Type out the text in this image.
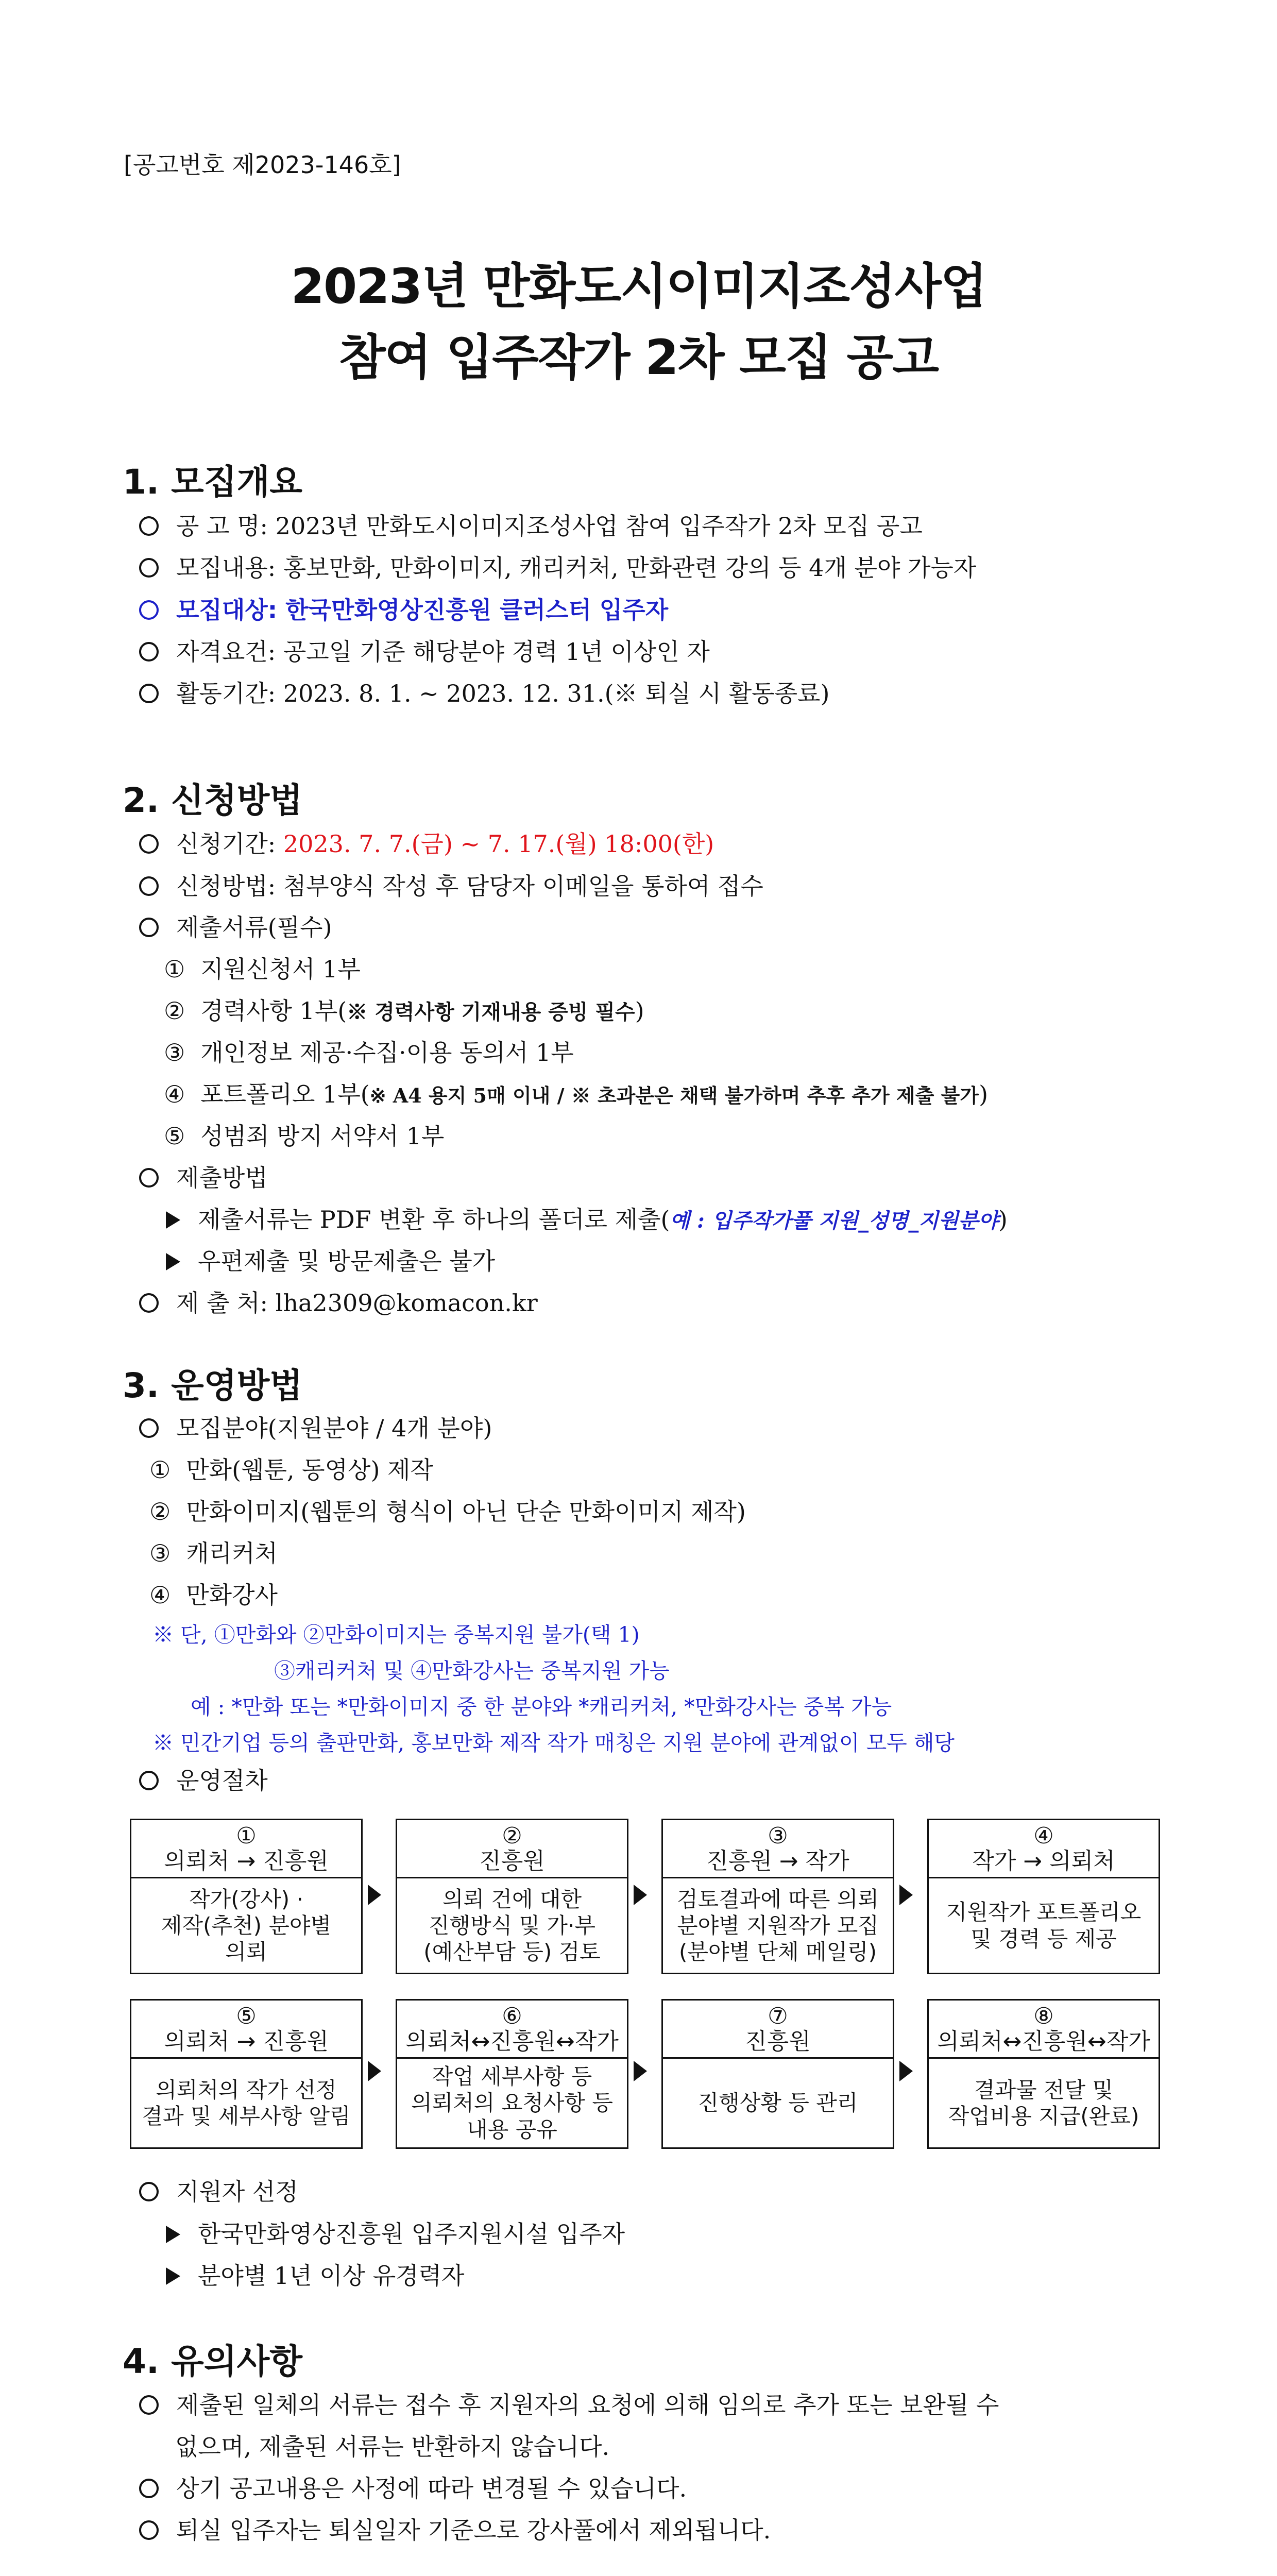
[공고번호 제2023-146호]
2023년 만화도시이미지조성사업
참여 입주작가 2차 모집 공고
1. 모집개요
공 고 명: 2023년 만화도시이미지조성사업 참여 입주작가 2차 모집 공고
모집내용: 홍보만화, 만화이미지, 캐리커처, 만화관련 강의 등 4개 분야 가능자
모집대상: 한국만화영상진흥원 클러스터 입주자
자격요건: 공고일 기준 해당분야 경력 1년 이상인 자
활동기간: 2023. 8. 1. ~ 2023. 12. 31.(※ 퇴실 시 활동종료)
2. 신청방법
신청기간: 2023. 7. 7.(금) ~ 7. 17.(월) 18:00(한)
신청방법: 첨부양식 작성 후 담당자 이메일을 통하여 접수
제출서류(필수)
① 지원신청서 1부
② 경력사항 1부(※ 경력사항 기재내용 증빙 필수)
③ 개인정보 제공·수집·이용 동의서 1부
④ 포트폴리오 1부(※ A4 용지 5매 이내 / ※ 초과분은 채택 불가하며 추후 추가 제출 불가)
⑤ 성범죄 방지 서약서 1부
제출방법
제출서류는 PDF 변환 후 하나의 폴더로 제출(예 : 입주작가풀 지원_성명_지원분야)
우편제출 및 방문제출은 불가
제 출 처: lha2309@komacon.kr
3. 운영방법
모집분야(지원분야 / 4개 분야)
① 만화(웹툰, 동영상) 제작
② 만화이미지(웹툰의 형식이 아닌 단순 만화이미지 제작)
③ 캐리커처
④ 만화강사
※ 단, ①만화와 ②만화이미지는 중복지원 불가(택 1)
③캐리커처 및 ④만화강사는 중복지원 가능
예 : *만화 또는 *만화이미지 중 한 분야와 *캐리커처, *만화강사는 중복 가능
※ 민간기업 등의 출판만화, 홍보만화 제작 작가 매칭은 지원 분야에 관계없이 모두 해당
운영절차
①
의뢰처 → 진흥원
작가(강사) ·
제작(추천) 분야별
의뢰
②
진흥원
의뢰 건에 대한
진행방식 및 가·부
(예산부담 등) 검토
③
진흥원 → 작가
검토결과에 따른 의뢰
분야별 지원작가 모집
(분야별 단체 메일링)
④
작가 → 의뢰처
지원작가 포트폴리오
및 경력 등 제공
⑤
의뢰처 → 진흥원
의뢰처의 작가 선정
결과 및 세부사항 알림
⑥
의뢰처↔진흥원↔작가
작업 세부사항 등
의뢰처의 요청사항 등
내용 공유
⑦
진흥원
진행상황 등 관리
⑧
의뢰처↔진흥원↔작가
결과물 전달 및
작업비용 지급(완료)
지원자 선정
한국만화영상진흥원 입주지원시설 입주자
분야별 1년 이상 유경력자
4. 유의사항
제출된 일체의 서류는 접수 후 지원자의 요청에 의해 임의로 추가 또는 보완될 수
없으며, 제출된 서류는 반환하지 않습니다.
상기 공고내용은 사정에 따라 변경될 수 있습니다.
퇴실 입주자는 퇴실일자 기준으로 강사풀에서 제외됩니다.
